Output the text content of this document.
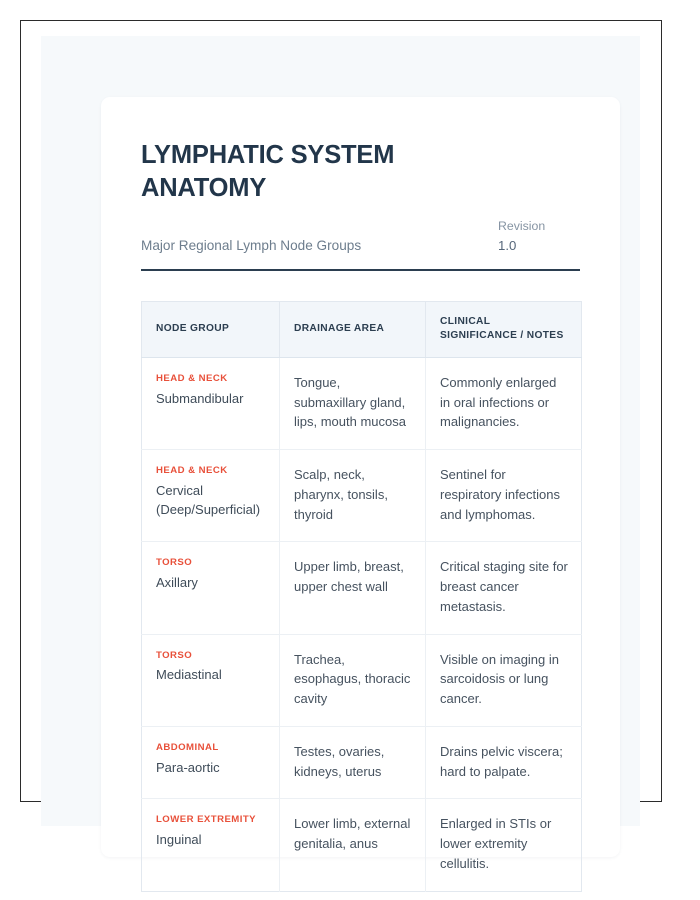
LYMPHATIC SYSTEM ANATOMY
Major Regional Lymph Node Groups
Revision
1.0
NODE GROUP	DRAINAGE AREA	CLINICAL SIGNIFICANCE / NOTES

HEAD & NECK
Submandibular	Tongue, submaxillary gland, lips, mouth mucosa	Commonly enlarged in oral infections or malignancies.

HEAD & NECK
Cervical (Deep/Superficial)	Scalp, neck, pharynx, tonsils, thyroid	Sentinel for respiratory infections and lymphomas.

TORSO
Axillary	Upper limb, breast, upper chest wall	Critical staging site for breast cancer metastasis.

TORSO
Mediastinal	Trachea, esophagus, thoracic cavity	Visible on imaging in sarcoidosis or lung cancer.

ABDOMINAL
Para-aortic	Testes, ovaries, kidneys, uterus	Drains pelvic viscera; hard to palpate.

LOWER EXTREMITY
Inguinal	Lower limb, external genitalia, anus	Enlarged in STIs or lower extremity cellulitis.
